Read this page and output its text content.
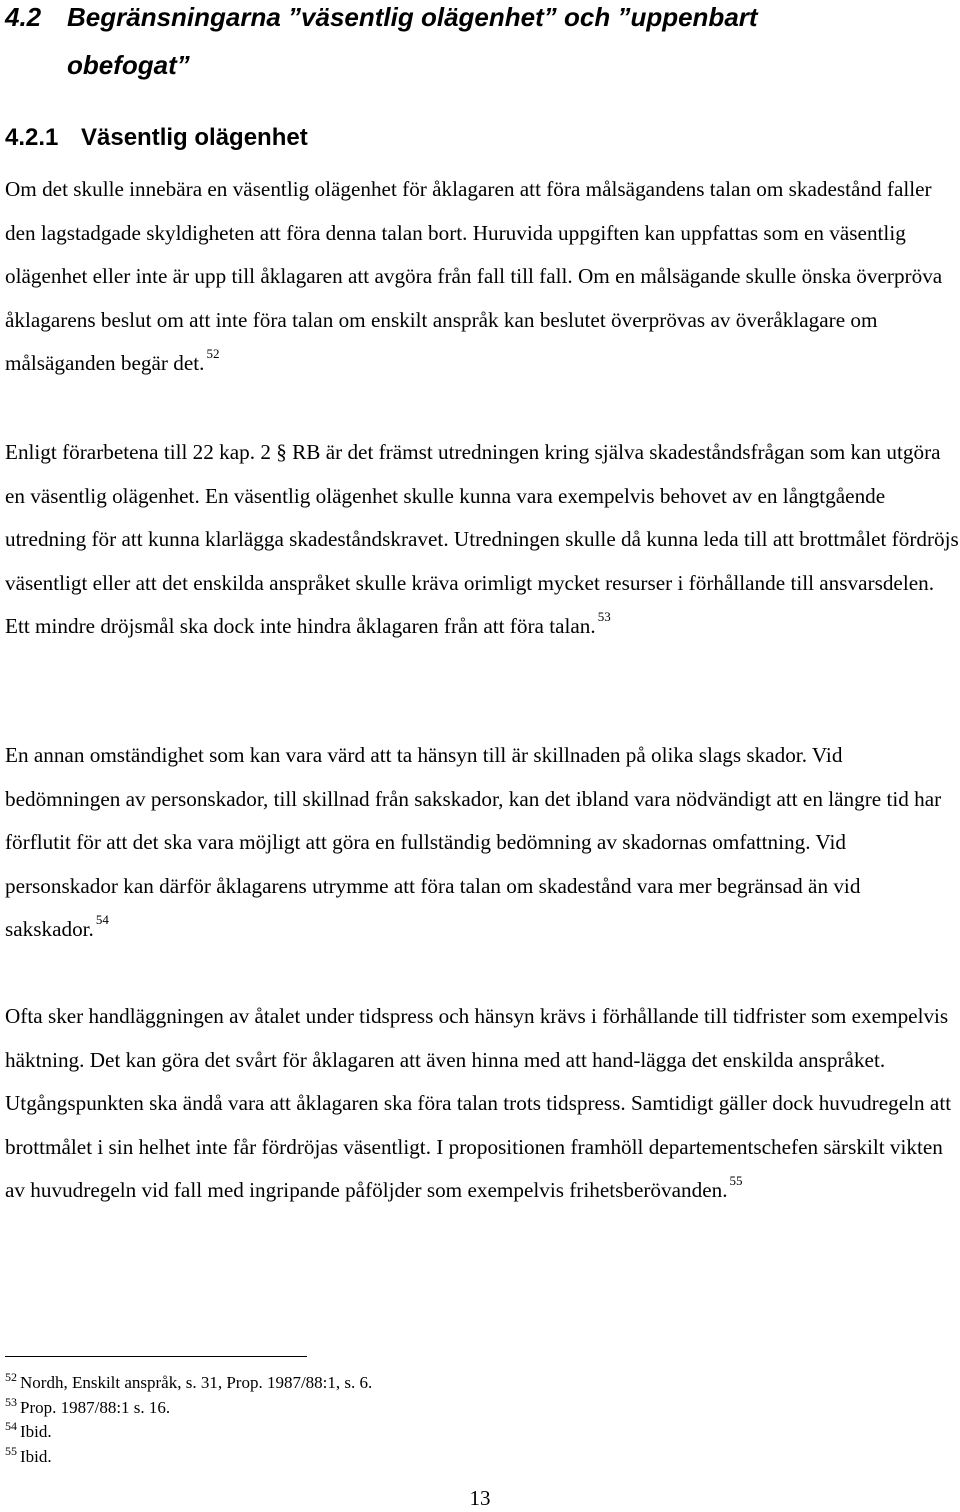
4.2 Begränsningarna ”väsentlig olägenhet” och ”uppenbart
obefogat”
4.2.1 Väsentlig olägenhet

Om det skulle innebära en väsentlig olägenhet för åklagaren att föra målsägandens talan om skadestånd faller den lagstadgade skyldigheten att föra denna talan bort. Huruvida uppgiften kan uppfattas som en väsentlig olägenhet eller inte är upp till åklagaren att avgöra från fall till fall. Om en målsägande skulle önska överpröva åklagarens beslut om att inte föra talan om enskilt anspråk kan beslutet överprövas av överåklagare om målsäganden begär det. $^{52}$

Enligt förarbetena till 22 kap. 2 § RB är det främst utredningen kring själva skadeståndsfrågan som kan utgöra en väsentlig olägenhet. En väsentlig olägenhet skulle kunna vara exempelvis behovet av en långtgående utredning för att kunna klarlägga skadeståndskravet. Utredningen skulle då kunna leda till att brottmålet fördröjs väsentligt eller att det enskilda anspråket skulle kräva orimligt mycket resurser i förhållande till ansvarsdelen. Ett mindre dröjsmål ska dock inte hindra åklagaren från att föra talan. $^{53}$

En annan omständighet som kan vara värd att ta hänsyn till är skillnaden på olika slags skador. Vid bedömningen av personskador, till skillnad från sakskador, kan det ibland vara nödvändigt att en längre tid har förflutit för att det ska vara möjligt att göra en fullständig bedömning av skadornas omfattning. Vid personskador kan därför åklagarens utrymme att föra talan om skadestånd vara mer begränsad än vid sakskador. $^{54}$

Ofta sker handläggningen av åtalet under tidspress och hänsyn krävs i förhållande till tidfrister som exempelvis häktning. Det kan göra det svårt för åklagaren att även hinna med att hand-lägga det enskilda anspråket. Utgångspunkten ska ändå vara att åklagaren ska föra talan trots tidspress. Samtidigt gäller dock huvudregeln att brottmålet i sin helhet inte får fördröjas väsentligt. I propositionen framhöll departementschefen särskilt vikten av huvudregeln vid fall med ingripande påföljder som exempelvis frihetsberövanden. $^{55}$

$^{52}$ Nordh, Enskilt anspråk, s. 31, Prop. 1987/88:1, s. 6.
$^{53}$ Prop. 1987/88:1 s. 16.
$^{54}$ Ibid.
$^{55}$ Ibid.
13
